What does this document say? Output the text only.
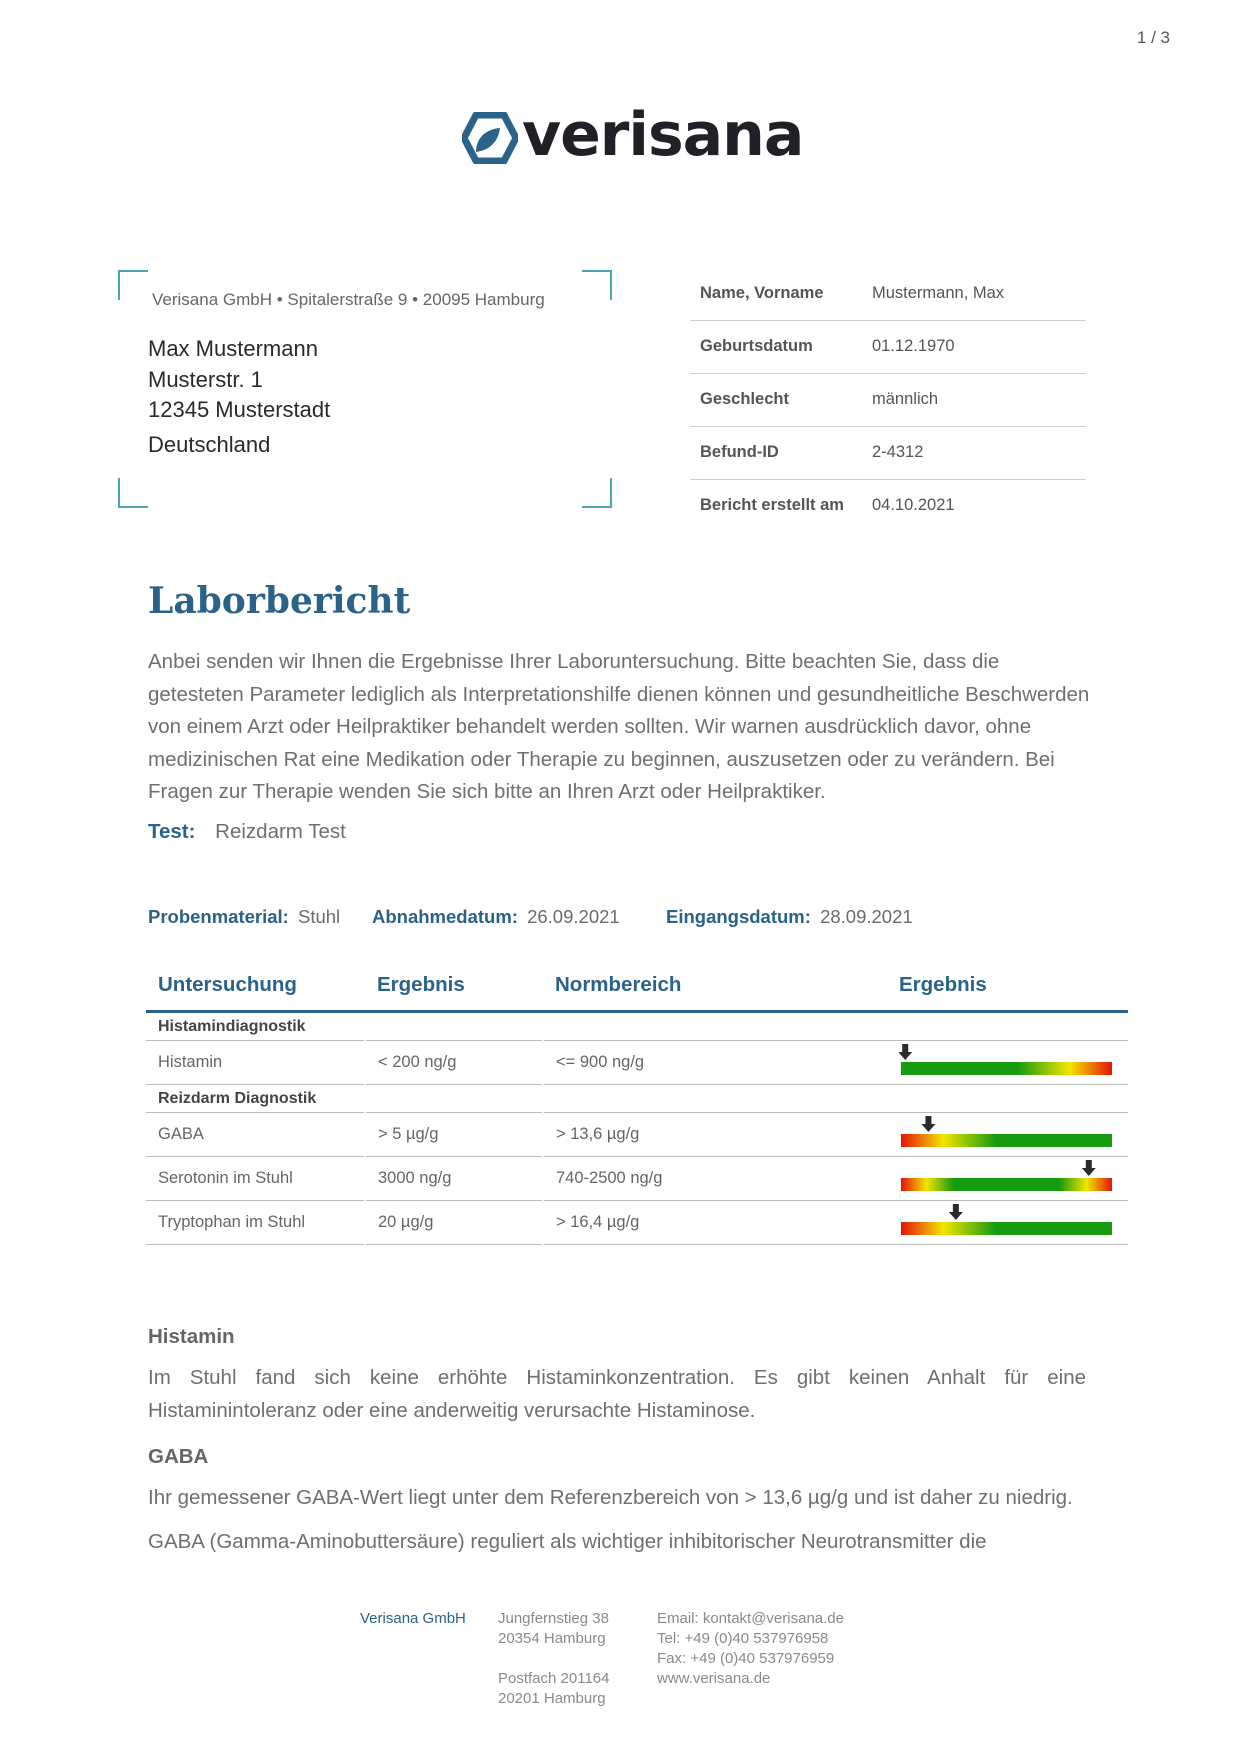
1 / 3
verisana
Verisana GmbH • Spitalerstraße 9 • 20095 Hamburg
Max Mustermann
Musterstr. 1
12345 Musterstadt
Deutschland
Name, Vorname	Mustermann, Max
Geburtsdatum	01.12.1970
Geschlecht	männlich
Befund-ID	2-4312
Bericht erstellt am 04.10.2021
Laborbericht
Anbei senden wir Ihnen die Ergebnisse Ihrer Laboruntersuchung. Bitte beachten Sie, dass die getesteten Parameter lediglich als Interpretationshilfe dienen können und gesundheitliche Beschwerden von einem Arzt oder Heilpraktiker behandelt werden sollten. Wir warnen ausdrücklich davor, ohne medizinischen Rat eine Medikation oder Therapie zu beginnen, auszusetzen oder zu verändern. Bei Fragen zur Therapie wenden Sie sich bitte an Ihren Arzt oder Heilpraktiker.
Test: Reizdarm Test
Probenmaterial: Stuhl Abnahmedatum: 26.09.2021	Eingangsdatum: 28.09.2021
Untersuchung	Ergebnis	Normbereich	Ergebnis
Histamindiagnostik			
Histamin	< 200 ng/g	<= 900 ng/g	
Reizdarm Diagnostik			
GABA	> 5 µg/g	> 13,6 µg/g	
Serotonin im Stuhl	3000 ng/g	740-2500 ng/g	
Tryptophan im Stuhl	20 µg/g	> 16,4 µg/g	
Histamin
Im Stuhl fand sich keine erhöhte Histaminkonzentration. Es gibt keinen Anhalt für eine Histaminintoleranz oder eine anderweitig verursachte Histaminose.
GABA
Ihr gemessener GABA-Wert liegt unter dem Referenzbereich von > 13,6 µg/g und ist daher zu niedrig.
GABA (Gamma-Aminobuttersäure) reguliert als wichtiger inhibitorischer Neurotransmitter die
Verisana GmbH Jungfernstieg 38
20354 Hamburg
Postfach 201164
20201 Hamburg
Email: kontakt@verisana.de
Tel: +49 (0)40 537976958
Fax: +49 (0)40 537976959
www.verisana.de
